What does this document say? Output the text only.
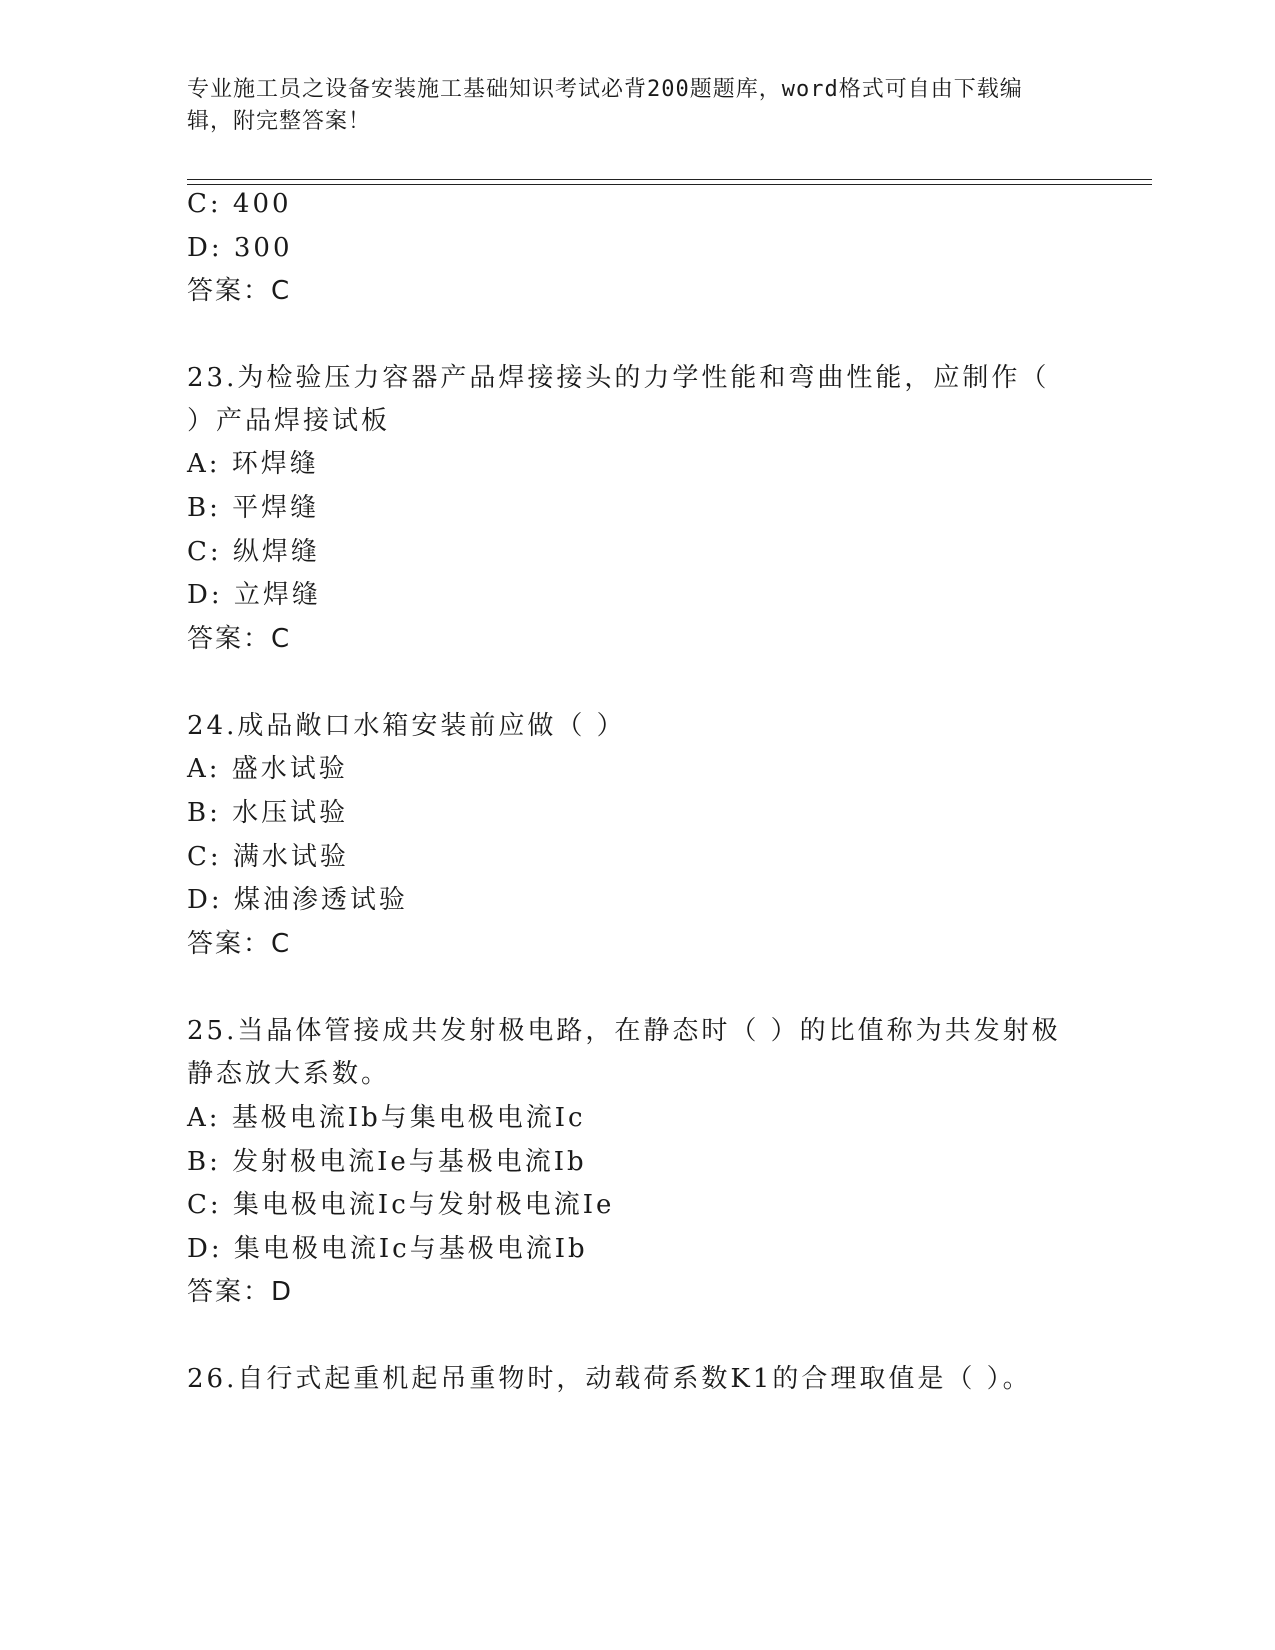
专业施工员之设备安装施工基础知识考试必背200题题库，word格式可自由下载编辑，附完整答案！
C: 400
D: 300
答案：C
23.为检验压力容器产品焊接接头的力学性能和弯曲性能，应制作（
）产品焊接试板
A: 环焊缝
B: 平焊缝
C: 纵焊缝
D: 立焊缝
答案：C
24.成品敞口水箱安装前应做（ ）
A: 盛水试验
B: 水压试验
C: 满水试验
D: 煤油渗透试验
答案：C
25.当晶体管接成共发射极电路，在静态时（ ）的比值称为共发射极
静态放大系数。
A: 基极电流Ib与集电极电流Ic
B: 发射极电流Ie与基极电流Ib
C: 集电极电流Ic与发射极电流Ie
D: 集电极电流Ic与基极电流Ib
答案：D
26.自行式起重机起吊重物时，动载荷系数K1的合理取值是（ ）。
